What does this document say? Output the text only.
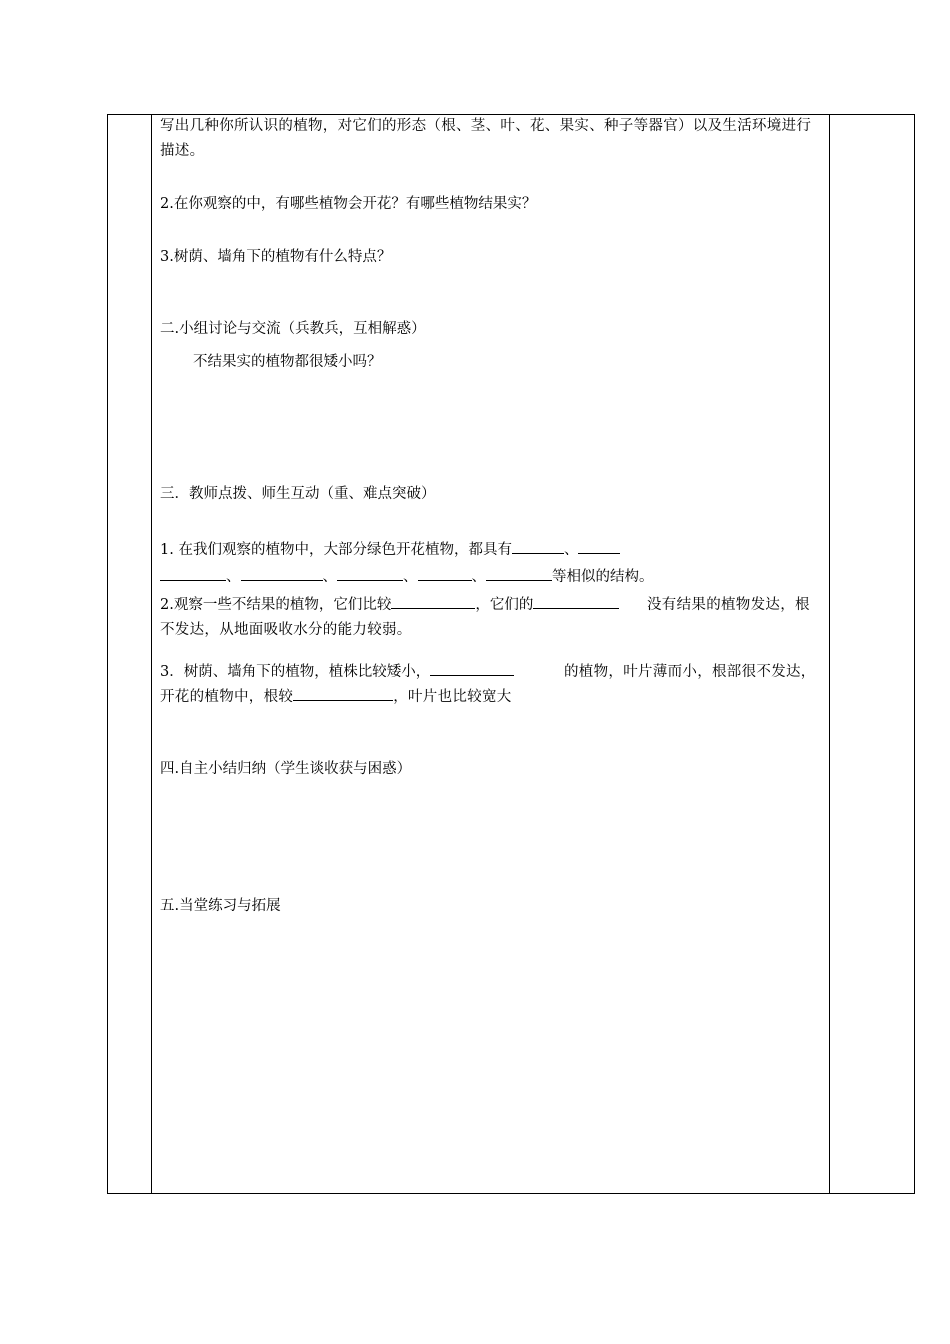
写出几种你所认识的植物，对它们的形态（根、茎、叶、花、果实、种子等器官）以及生活环境进行描述。
2.在你观察的中，有哪些植物会开花？有哪些植物结果实？
3.树荫、墙角下的植物有什么特点？
二.小组讨论与交流（兵教兵，互相解惑）
不结果实的植物都很矮小吗？
三．教师点拨、师生互动（重、难点突破）
1. 在我们观察的植物中，大部分绿色开花植物，都具有	、
、	、	、	、	等相似的结构。
2.观察一些不结果的植物，它们比较	，它们的	没有结果的植物发达，根不发达，从地面吸收水分的能力较弱。
3．树荫、墙角下的植物，植株比较矮小，	的植物，叶片薄而小，根部很不发达，开花的植物中，根较	，叶片也比较宽大
四.自主小结归纳（学生谈收获与困惑）
五.当堂练习与拓展
